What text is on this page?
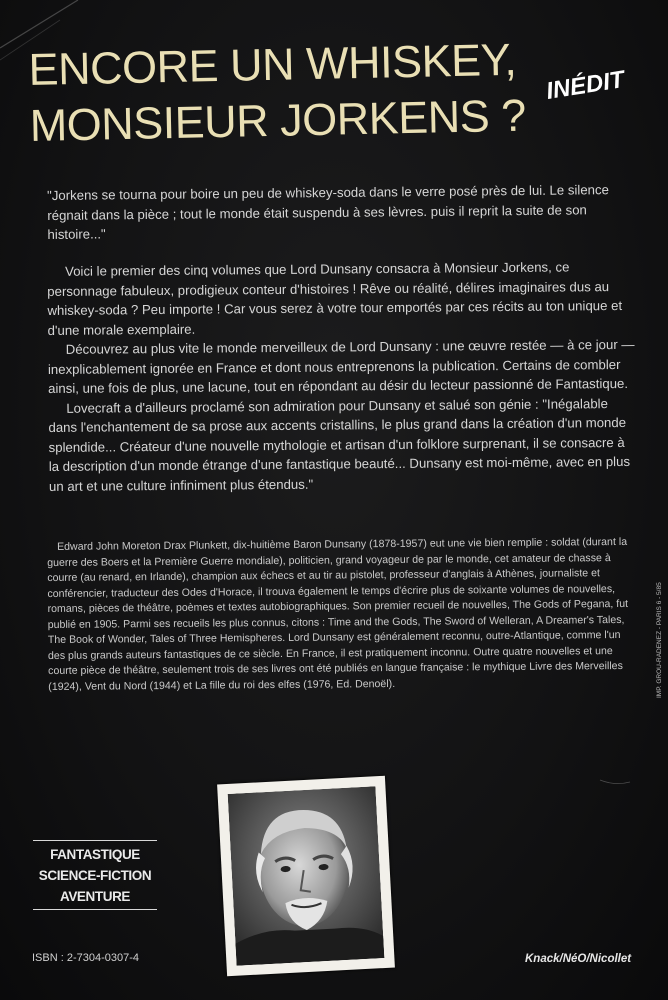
ENCORE UN WHISKEY,
MONSIEUR JORKENS ?
INÉDIT

"Jorkens se tourna pour boire un peu de whiskey-soda dans le verre posé près de lui. Le silence régnait dans la pièce ; tout le monde était suspendu à ses lèvres. puis il reprit la suite de son histoire..."

Voici le premier des cinq volumes que Lord Dunsany consacra à Monsieur Jorkens, ce personnage fabuleux, prodigieux conteur d'histoires ! Rêve ou réalité, délires imaginaires dus au whiskey-soda ? Peu importe ! Car vous serez à votre tour emportés par ces récits au ton unique et d'une morale exemplaire.

Découvrez au plus vite le monde merveilleux de Lord Dunsany : une œuvre restée — à ce jour — inexplicablement ignorée en France et dont nous entreprenons la publication. Certains de combler ainsi, une fois de plus, une lacune, tout en répondant au désir du lecteur passionné de Fantastique.

Lovecraft a d'ailleurs proclamé son admiration pour Dunsany et salué son génie : "Inégalable dans l'enchantement de sa prose aux accents cristallins, le plus grand dans la création d'un monde splendide... Créateur d'une nouvelle mythologie et artisan d'un folklore surprenant, il se consacre à la description d'un monde étrange d'une fantastique beauté... Dunsany est moi-même, avec en plus un art et une culture infiniment plus étendus."

Edward John Moreton Drax Plunkett, dix-huitième Baron Dunsany (1878-1957) eut une vie bien remplie : soldat (durant la guerre des Boers et la Première Guerre mondiale), politicien, grand voyageur de par le monde, cet amateur de chasse à courre (au renard, en Irlande), champion aux échecs et au tir au pistolet, professeur d'anglais à Athènes, journaliste et conférencier, traducteur des Odes d'Horace, il trouva également le temps d'écrire plus de soixante volumes de nouvelles, romans, pièces de théâtre, poèmes et textes autobiographiques. Son premier recueil de nouvelles, The Gods of Pegana, fut publié en 1905. Parmi ses recueils les plus connus, citons : Time and the Gods, The Sword of Welleran, A Dreamer's Tales, The Book of Wonder, Tales of Three Hemispheres. Lord Dunsany est généralement reconnu, outre-Atlantique, comme l'un des plus grands auteurs fantastiques de ce siècle. En France, il est pratiquement inconnu. Outre quatre nouvelles et une courte pièce de théâtre, seulement trois de ses livres ont été publiés en langue française : le mythique Livre des Merveilles (1924), Vent du Nord (1944) et La fille du roi des elfes (1976, Ed. Denoël).	IMP. GROU-RADENEZ - PARIS 6 - 5/85
FANTASTIQUE
SCIENCE-FICTION
AVENTURE
ISBN : 2-7304-0307-4	Knack/NéO/Nicollet
